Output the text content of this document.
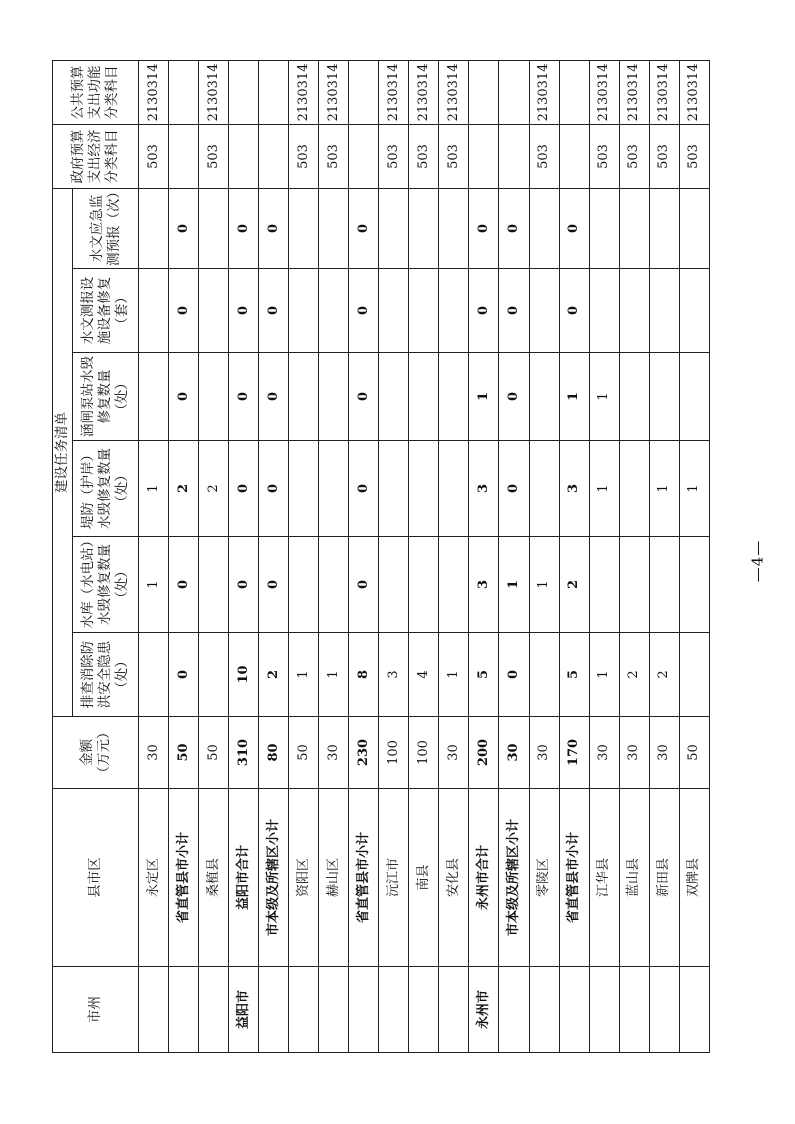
市州	县市区	金额
（万元）	建设任务清单						政府预算支出经济分类科目	公共预算支出功能分类科目
			排查消除防洪安全隐患（处）	水库（水电站）水毁修复数量（处）	堤防（护岸）水毁修复数量（处）	涵闸泵站水毁修复数量（处）	水文测报设施设备修复（套）	水文应急监测预报（次）		
	永定区	30		1	1				503	2130314
	省直管县市小计	50	0	0	2	0	0	0		
	桑植县	50			2				503	2130314
益阳市	益阳市合计	310	10	0	0	0	0	0		
	市本级及所辖区小计	80	2	0	0	0	0	0		
	资阳区	50	1						503	2130314
	赫山区	30	1						503	2130314
	省直管县市小计	230	8	0	0	0	0	0		
	沅江市	100	3						503	2130314
	南县	100	4						503	2130314
	安化县	30	1						503	2130314
永州市	永州市合计	200	5	3	3	1	0	0		
	市本级及所辖区小计	30	0	1	0	0	0	0		
	零陵区	30		1					503	2130314
	省直管县市小计	170	5	2	3	1	0	0		
	江华县	30	1		1	1			503	2130314
	蓝山县	30	2						503	2130314
	新田县	30	2		1				503	2130314
	双牌县	50			1				503	2130314
—4—
